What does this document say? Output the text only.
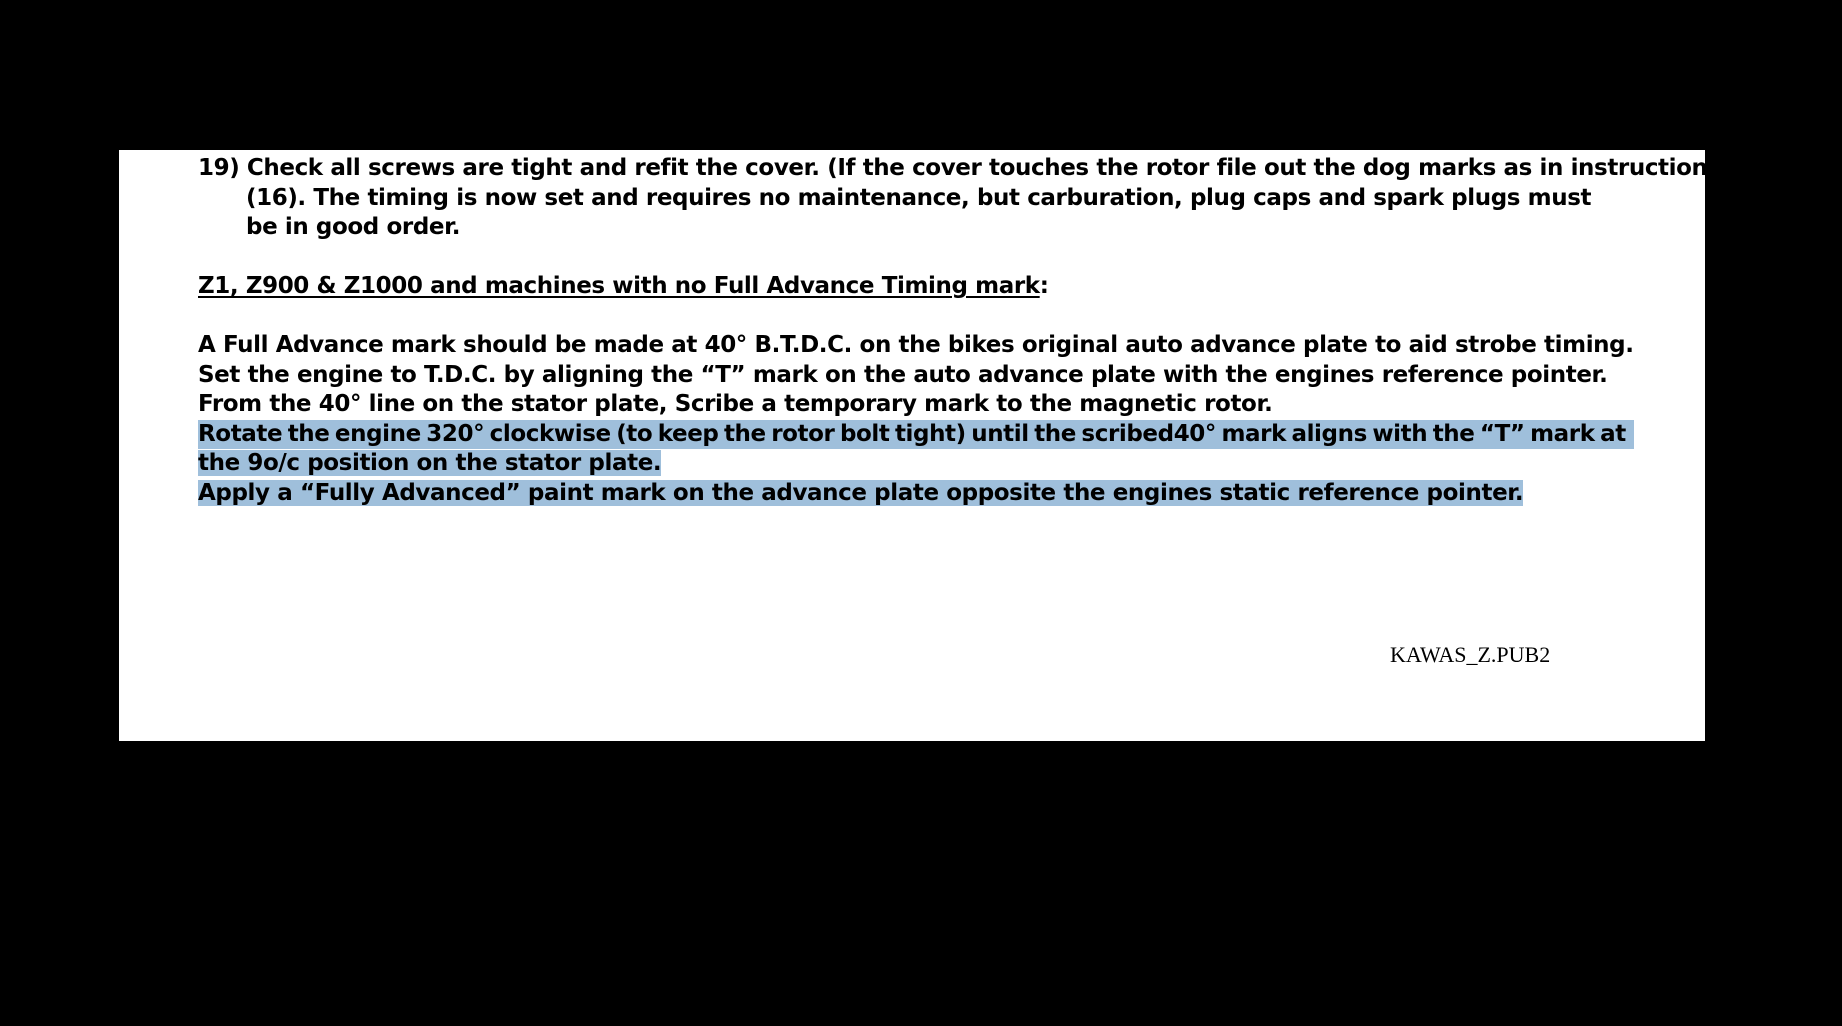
19) Check all screws are tight and refit the cover. (If the cover touches the rotor file out the dog marks as in instruction
(16). The timing is now set and requires no maintenance, but carburation, plug caps and spark plugs must
be in good order.
Z1, Z900 & Z1000 and machines with no Full Advance Timing mark:
A Full Advance mark should be made at 40° B.T.D.C. on the bikes original auto advance plate to aid strobe timing.
Set the engine to T.D.C. by aligning the “T” mark on the auto advance plate with the engines reference pointer.
From the 40° line on the stator plate, Scribe a temporary mark to the magnetic rotor.
Rotate the engine 320° clockwise (to keep the rotor bolt tight) until the scribed40° mark aligns with the “T” mark at
the 9o/c position on the stator plate.
Apply a “Fully Advanced” paint mark on the advance plate opposite the engines static reference pointer.
KAWAS_Z.PUB2
